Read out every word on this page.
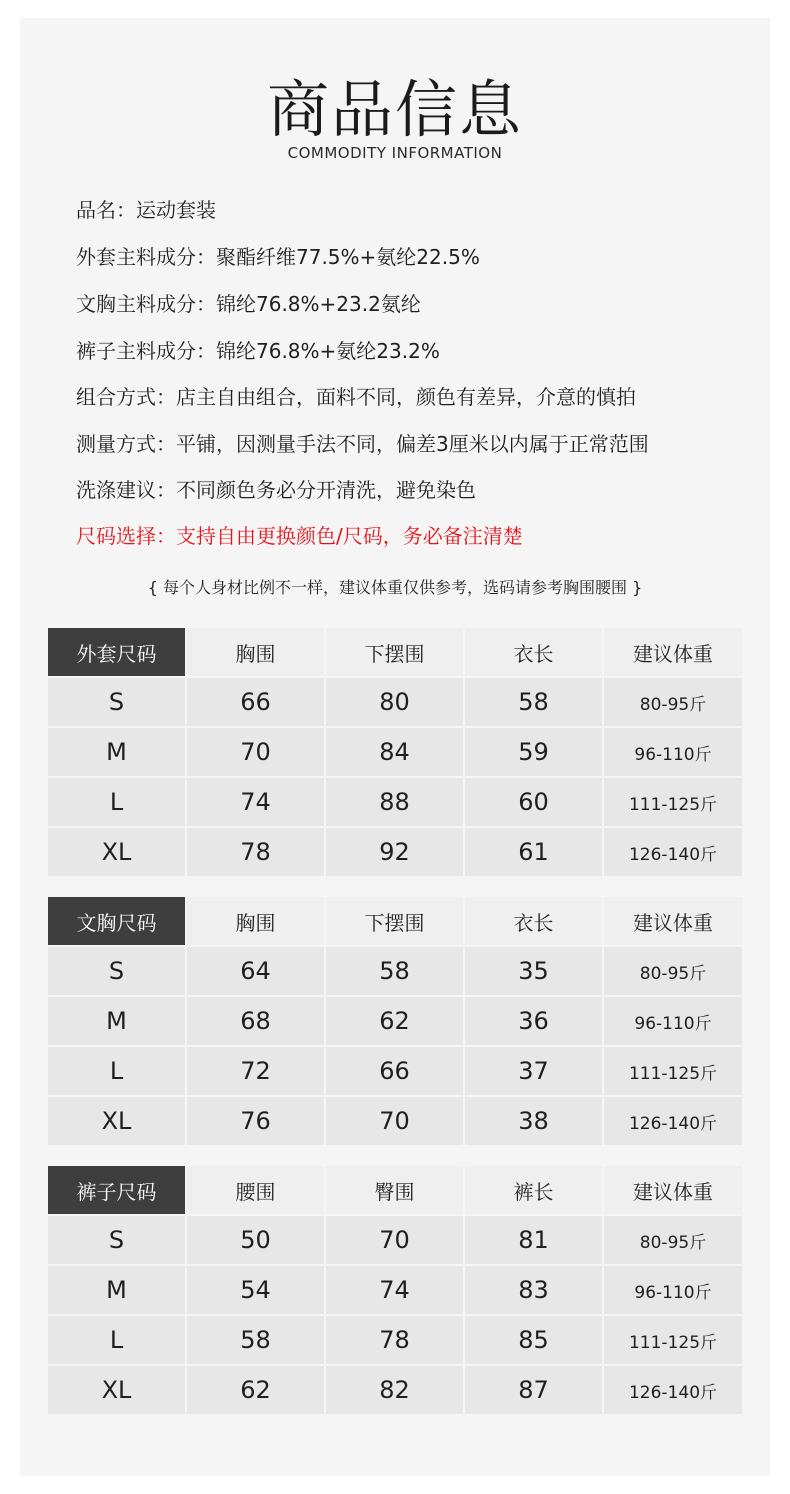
商品信息
COMMODITY INFORMATION
品名：运动套装
外套主料成分：聚酯纤维77.5%+氨纶22.5%
文胸主料成分：锦纶76.8%+23.2氨纶
裤子主料成分：锦纶76.8%+氨纶23.2%
组合方式：店主自由组合，面料不同，颜色有差异，介意的慎拍
测量方式：平铺，因测量手法不同，偏差3厘米以内属于正常范围
洗涤建议：不同颜色务必分开清洗，避免染色
尺码选择：支持自由更换颜色/尺码，务必备注清楚
{ 每个人身材比例不一样，建议体重仅供参考，选码请参考胸围腰围 }
外套尺码	胸围	下摆围	衣长	建议体重
S	66	80	58	80-95斤
M	70	84	59	96-110斤
L	74	88	60	111-125斤
XL	78	92	61	126-140斤
文胸尺码	胸围	下摆围	衣长	建议体重
S	64	58	35	80-95斤
M	68	62	36	96-110斤
L	72	66	37	111-125斤
XL	76	70	38	126-140斤
裤子尺码	腰围	臀围	裤长	建议体重
S	50	70	81	80-95斤
M	54	74	83	96-110斤
L	58	78	85	111-125斤
XL	62	82	87	126-140斤
